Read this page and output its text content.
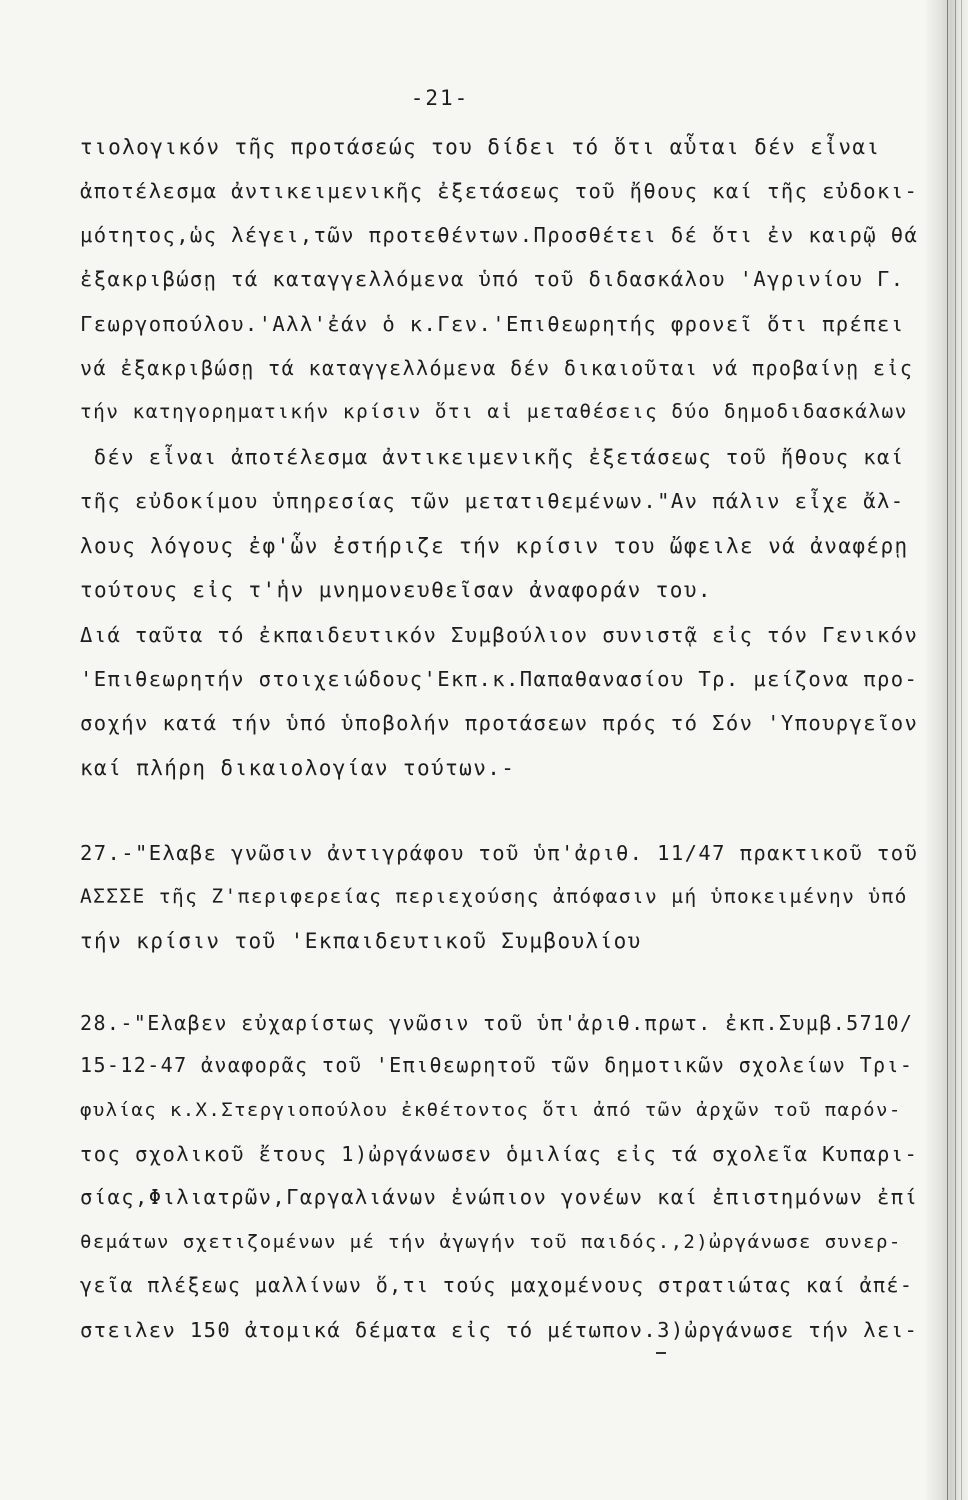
-21-
τιολογικόν τῆς προτάσεώς του δίδει τό ὅτι αὗται δέν εἶναι
ἀποτέλεσμα ἀντικειμενικῆς ἐξετάσεως τοῦ ἤθους καί τῆς εὐδοκι-
μότητος,ὡς λέγει,τῶν προτεθέντων.Προσθέτει δέ ὅτι ἐν καιρῷ θά
ἐξακριβώσῃ τά καταγγελλόμενα ὑπό τοῦ διδασκάλου 'Αγρινίου Γ.
Γεωργοπούλου.'Αλλ'ἐάν ὁ κ.Γεν.'Επιθεωρητής φρονεῖ ὅτι πρέπει
νά ἐξακριβώσῃ τά καταγγελλόμενα δέν δικαιοῦται νά προβαίνῃ εἰς
τήν κατηγορηματικήν κρίσιν ὅτι αἱ μεταθέσεις δύο δημοδιδασκάλων
δέν εἶναι ἀποτέλεσμα ἀντικειμενικῆς ἐξετάσεως τοῦ ἤθους καί
τῆς εὐδοκίμου ὑπηρεσίας τῶν μετατιθεμένων."Αν πάλιν εἶχε ἄλ-
λους λόγους ἐφ'ὧν ἐστήριζε τήν κρίσιν του ὤφειλε νά ἀναφέρῃ
τούτους εἰς τ'ἡν μνημονευθεῖσαν ἀναφοράν του.
Διά ταῦτα τό ἐκπαιδευτικόν Συμβούλιον συνιστᾷ εἰς τόν Γενικόν
'Επιθεωρητήν στοιχειώδους'Εκπ.κ.Παπαθανασίου Τρ. μείζονα προ-
σοχήν κατά τήν ὑπό ὑποβολήν προτάσεων πρός τό Σόν 'Υπουργεῖον
καί πλήρη δικαιολογίαν τούτων.-
27.-"Ελαβε γνῶσιν ἀντιγράφου τοῦ ὑπ'ἀριθ. 11/47 πρακτικοῦ τοῦ
ΑΣΣΣΕ τῆς Ζ'περιφερείας περιεχούσης ἀπόφασιν μή ὑποκειμένην ὑπό
τήν κρίσιν τοῦ 'Εκπαιδευτικοῦ Συμβουλίου
28.-"Ελαβεν εὐχαρίστως γνῶσιν τοῦ ὑπ'ἀριθ.πρωτ. ἐκπ.Συμβ.5710/
15-12-47 ἀναφορᾶς τοῦ 'Επιθεωρητοῦ τῶν δημοτικῶν σχολείων Τρι-
φυλίας κ.Χ.Στεργιοπούλου ἐκθέτοντος ὅτι ἀπό τῶν ἀρχῶν τοῦ παρόν-
τος σχολικοῦ ἔτους 1)ὠργάνωσεν ὁμιλίας εἰς τά σχολεῖα Κυπαρι-
σίας,Φιλιατρῶν,Γαργαλιάνων ἐνώπιον γονέων καί ἐπιστημόνων ἐπί
θεμάτων σχετιζομένων μέ τήν ἀγωγήν τοῦ παιδός.,2)ὠργάνωσε συνερ-
γεῖα πλέξεως μαλλίνων ὅ,τι τούς μαχομένους στρατιώτας καί ἀπέ-
στειλεν 150 ἀτομικά δέματα εἰς τό μέτωπον.3)ὠργάνωσε τήν λει-
